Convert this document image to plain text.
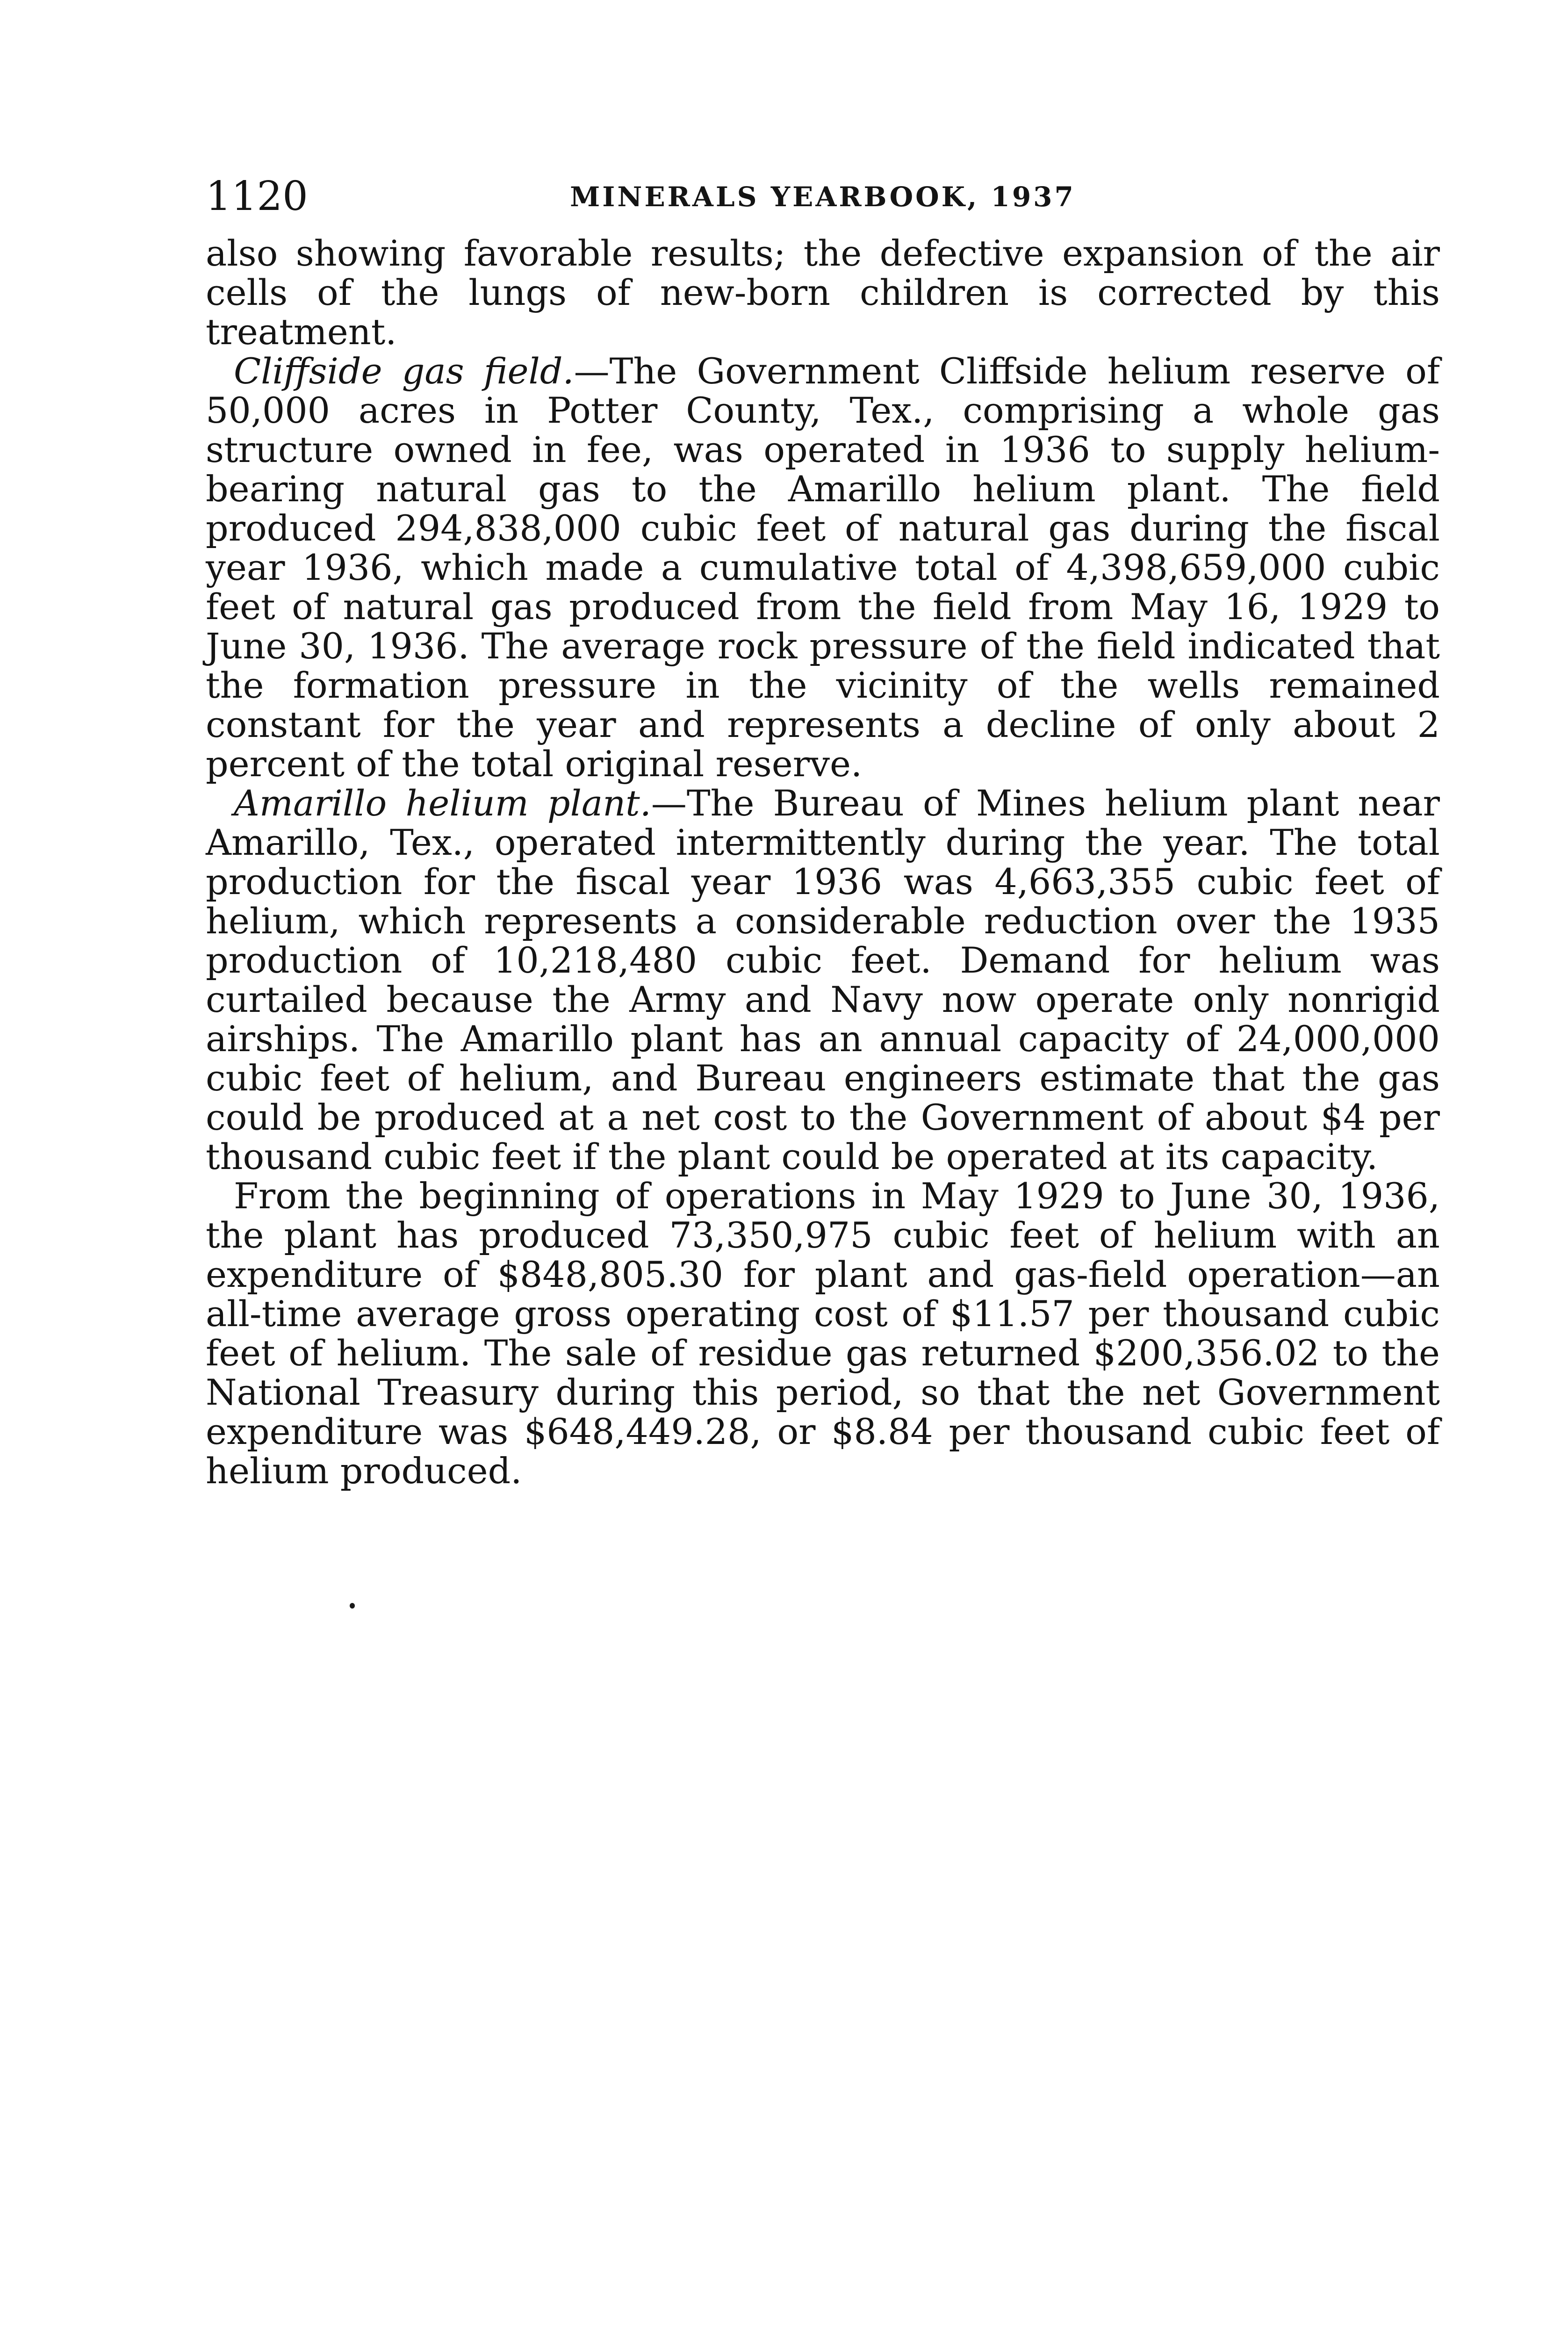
1120	MINERALS YEARBOOK, 1937

also showing favorable results; the defective expansion of the air cells of the lungs of new-born children is corrected by this treatment.

Cliffside gas field.—The Government Cliffside helium reserve of 50,000 acres in Potter County, Tex., comprising a whole gas structure owned in fee, was operated in 1936 to supply helium-bearing natural gas to the Amarillo helium plant. The field produced 294,838,000 cubic feet of natural gas during the fiscal year 1936, which made a cumulative total of 4,398,659,000 cubic feet of natural gas produced from the field from May 16, 1929 to June 30, 1936. The average rock pressure of the field indicated that the formation pressure in the vicinity of the wells remained constant for the year and represents a decline of only about 2 percent of the total original reserve.

Amarillo helium plant.—The Bureau of Mines helium plant near Amarillo, Tex., operated intermittently during the year. The total production for the fiscal year 1936 was 4,663,355 cubic feet of helium, which represents a considerable reduction over the 1935 production of 10,218,480 cubic feet. Demand for helium was curtailed because the Army and Navy now operate only nonrigid airships. The Amarillo plant has an annual capacity of 24,000,000 cubic feet of helium, and Bureau engineers estimate that the gas could be produced at a net cost to the Government of about $4 per thousand cubic feet if the plant could be operated at its capacity.

From the beginning of operations in May 1929 to June 30, 1936, the plant has produced 73,350,975 cubic feet of helium with an expenditure of $848,805.30 for plant and gas-field operation—an all-time average gross operating cost of $11.57 per thousand cubic feet of helium. The sale of residue gas returned $200,356.02 to the National Treasury during this period, so that the net Government expenditure was $648,449.28, or $8.84 per thousand cubic feet of helium produced.
